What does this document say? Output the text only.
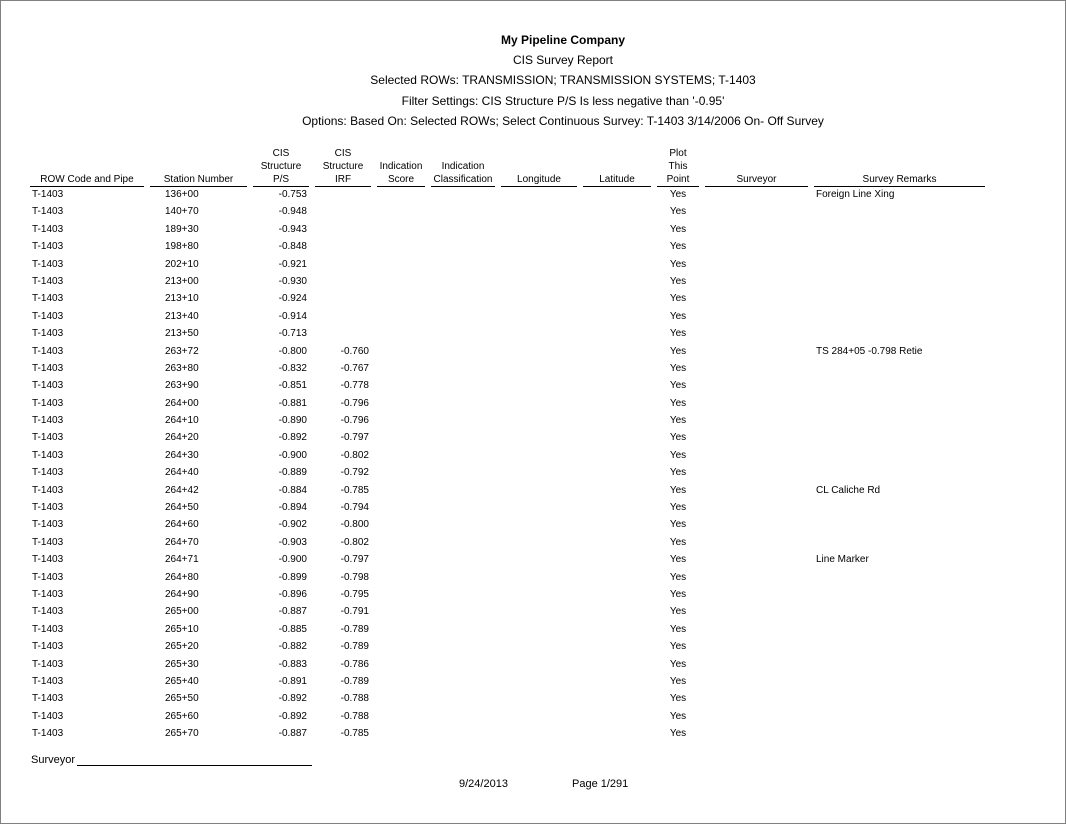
My Pipeline Company
CIS Survey Report
Selected ROWs: TRANSMISSION; TRANSMISSION SYSTEMS; T-1403
Filter Settings: CIS Structure P/S Is less negative than '-0.95'
Options: Based On: Selected ROWs; Select Continuous Survey: T-1403 3/14/2006 On- Off Survey
ROW Code and Pipe		Station Number		CIS
Structure
P/S		CIS
Structure
IRF		Indication
Score		Indication
Classification		Longitude		Latitude		Plot
This
Point		Surveyor		Survey Remarks
T-1403		136+00		-0.753												Yes				Foreign Line Xing
T-1403		140+70		-0.948												Yes				
T-1403		189+30		-0.943												Yes				
T-1403		198+80		-0.848												Yes				
T-1403		202+10		-0.921												Yes				
T-1403		213+00		-0.930												Yes				
T-1403		213+10		-0.924												Yes				
T-1403		213+40		-0.914												Yes				
T-1403		213+50		-0.713												Yes				
T-1403		263+72		-0.800		-0.760										Yes				TS 284+05 -0.798 Retie
T-1403		263+80		-0.832		-0.767										Yes				
T-1403		263+90		-0.851		-0.778										Yes				
T-1403		264+00		-0.881		-0.796										Yes				
T-1403		264+10		-0.890		-0.796										Yes				
T-1403		264+20		-0.892		-0.797										Yes				
T-1403		264+30		-0.900		-0.802										Yes				
T-1403		264+40		-0.889		-0.792										Yes				
T-1403		264+42		-0.884		-0.785										Yes				CL Caliche Rd
T-1403		264+50		-0.894		-0.794										Yes				
T-1403		264+60		-0.902		-0.800										Yes				
T-1403		264+70		-0.903		-0.802										Yes				
T-1403		264+71		-0.900		-0.797										Yes				Line Marker
T-1403		264+80		-0.899		-0.798										Yes				
T-1403		264+90		-0.896		-0.795										Yes				
T-1403		265+00		-0.887		-0.791										Yes				
T-1403		265+10		-0.885		-0.789										Yes				
T-1403		265+20		-0.882		-0.789										Yes				
T-1403		265+30		-0.883		-0.786										Yes				
T-1403		265+40		-0.891		-0.789										Yes				
T-1403		265+50		-0.892		-0.788										Yes				
T-1403		265+60		-0.892		-0.788										Yes				
T-1403		265+70		-0.887		-0.785										Yes				
Surveyor
9/24/2013	Page 1/291
